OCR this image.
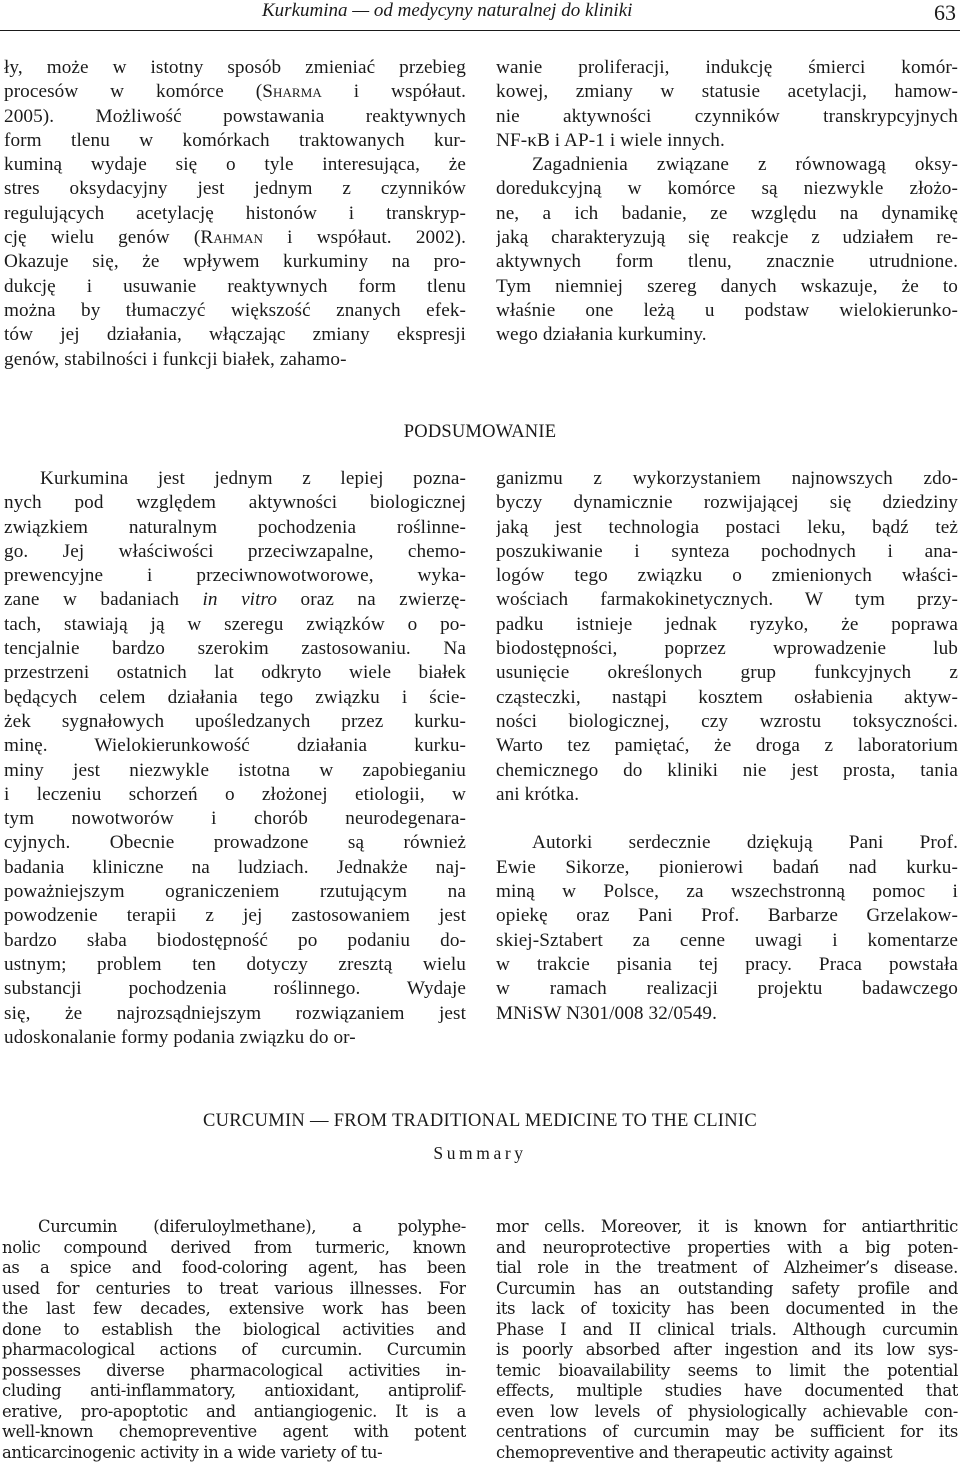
Kurkumina — od medycyny naturalnej do kliniki	63
ły, może w istotny sposób zmieniać przebieg
procesów w komórce (Sharma i współaut.
2005). Możliwość powstawania reaktywnych
form tlenu w komórkach traktowanych kur-
kuminą wydaje się o tyle interesująca, że
stres oksydacyjny jest jednym z czynników
regulujących acetylację histonów i transkryp-
cję wielu genów (Rahman i współaut. 2002).
Okazuje się, że wpływem kurkuminy na pro-
dukcję i usuwanie reaktywnych form tlenu
można by tłumaczyć większość znanych efek-
tów jej działania, włączając zmiany ekspresji
genów, stabilności i funkcji białek, zahamo-
wanie proliferacji, indukcję śmierci komór-
kowej, zmiany w statusie acetylacji, hamow-
nie aktywności czynników transkrypcyjnych
NF-κB i AP-1 i wiele innych.
Zagadnienia związane z równowagą oksy-
doredukcyjną w komórce są niezwykle złożo-
ne, a ich badanie, ze względu na dynamikę
jaką charakteryzują się reakcje z udziałem re-
aktywnych form tlenu, znacznie utrudnione.
Tym niemniej szereg danych wskazuje, że to
właśnie one leżą u podstaw wielokierunko-
wego działania kurkuminy.
PODSUMOWANIE
Kurkumina jest jednym z lepiej pozna-
nych pod względem aktywności biologicznej
związkiem naturalnym pochodzenia roślinne-
go. Jej właściwości przeciwzapalne, chemo-
prewencyjne i przeciwnowotworowe, wyka-
zane w badaniach in vitro oraz na zwierzę-
tach, stawiają ją w szeregu związków o po-
tencjalnie bardzo szerokim zastosowaniu. Na
przestrzeni ostatnich lat odkryto wiele białek
będących celem działania tego związku i ście-
żek sygnałowych upośledzanych przez kurku-
minę. Wielokierunkowość działania kurku-
miny jest niezwykle istotna w zapobieganiu
i leczeniu schorzeń o złożonej etiologii, w
tym nowotworów i chorób neurodegenara-
cyjnych. Obecnie prowadzone są również
badania kliniczne na ludziach. Jednakże naj-
poważniejszym ograniczeniem rzutującym na
powodzenie terapii z jej zastosowaniem jest
bardzo słaba biodostępność po podaniu do-
ustnym; problem ten dotyczy zresztą wielu
substancji pochodzenia roślinnego. Wydaje
się, że najrozsądniejszym rozwiązaniem jest
udoskonalanie formy podania związku do or-
ganizmu z wykorzystaniem najnowszych zdo-
byczy dynamicznie rozwijającej się dziedziny
jaką jest technologia postaci leku, bądź też
poszukiwanie i synteza pochodnych i ana-
logów tego związku o zmienionych właści-
wościach farmakokinetycznych. W tym przy-
padku istnieje jednak ryzyko, że poprawa
biodostępności, poprzez wprowadzenie lub
usunięcie określonych grup funkcyjnych z
cząsteczki, nastąpi kosztem osłabienia aktyw-
ności biologicznej, czy wzrostu toksyczności.
Warto tez pamiętać, że droga z laboratorium
chemicznego do kliniki nie jest prosta, tania
ani krótka.

Autorki serdecznie dziękują Pani Prof.
Ewie Sikorze, pionierowi badań nad kurku-
miną w Polsce, za wszechstronną pomoc i
opiekę oraz Pani Prof. Barbarze Grzelakow-
skiej-Sztabert za cenne uwagi i komentarze
w trakcie pisania tej pracy. Praca powstała
w ramach realizacji projektu badawczego
MNiSW N301/008 32/0549.
CURCUMIN — FROM TRADITIONAL MEDICINE TO THE CLINIC
Summary
Curcumin (diferuloylmethane), a polyphe-
nolic compound derived from turmeric, known
as a spice and food-coloring agent, has been
used for centuries to treat various illnesses. For
the last few decades, extensive work has been
done to establish the biological activities and
pharmacological actions of curcumin. Curcumin
possesses diverse pharmacological activities in-
cluding anti-inflammatory, antioxidant, antiprolif-
erative, pro-apoptotic and antiangiogenic. It is a
well-known chemopreventive agent with potent
anticarcinogenic activity in a wide variety of tu-
mor cells. Moreover, it is known for antiarthritic
and neuroprotective properties with a big poten-
tial role in the treatment of Alzheimer’s disease.
Curcumin has an outstanding safety profile and
its lack of toxicity has been documented in the
Phase I and II clinical trials. Although curcumin
is poorly absorbed after ingestion and its low sys-
temic bioavailability seems to limit the potential
effects, multiple studies have documented that
even low levels of physiologically achievable con-
centrations of curcumin may be sufficient for its
chemopreventive and therapeutic activity against
